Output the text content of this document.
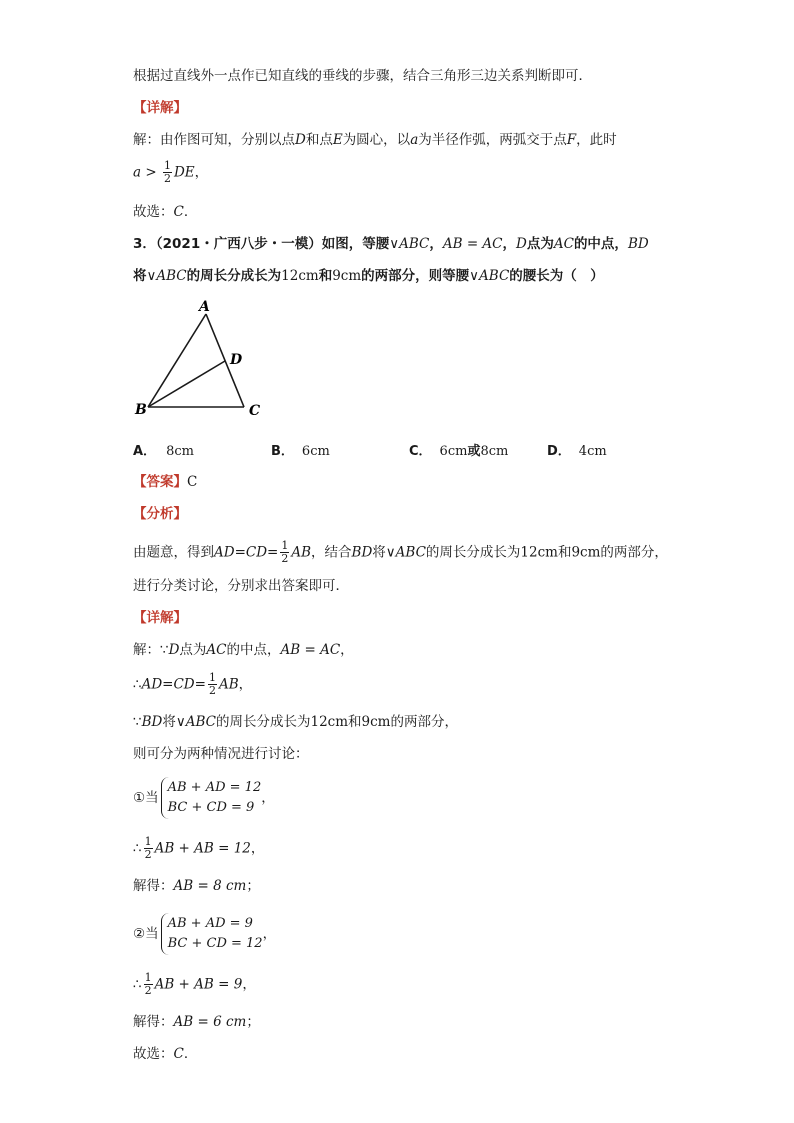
根据过直线外一点作已知直线的垂线的步骤，结合三角形三边关系判断即可．
【详解】
解：由作图可知，分别以点D和点E为圆心，以a为半径作弧，两弧交于点F，此时
$a > \frac{1}{2}$ DE，
故选：C．
3．（2021・广西八步・一模）如图，等腰∨ABC，AB = AC，D点为AC的中点，BD
将∨ABC的周长分成长为12cm和9cm的两部分，则等腰∨ABC的腰长为（　）
A
B	C
D
A． 8cm	B． 6cm	C． 6cm或8cm	D． 4cm
【答案】C
【分析】
由题意，得到$AD=CD= \frac{1}{2}$ AB，结合BD将∨ABC的周长分成长为12cm和9cm的两部分，
进行分类讨论，分别求出答案即可．
【详解】
解：∵D点为AC的中点，AB = AC，
∴AD=CD= $\frac{1}{2}$ AB，
∵BD将∨ABC的周长分成长为12cm和9cm的两部分，
则可分为两种情况进行讨论：
①当
AB + AD = 12
BC + CD = 9
，
∴ $\frac{1}{2}$ AB + AB = 12，
解得：AB = 8 cm；
②当
AB + AD = 9
BC + CD = 12
，
∴ $\frac{1}{2}$ AB + AB = 9，
解得：AB = 6 cm；
故选：C．
